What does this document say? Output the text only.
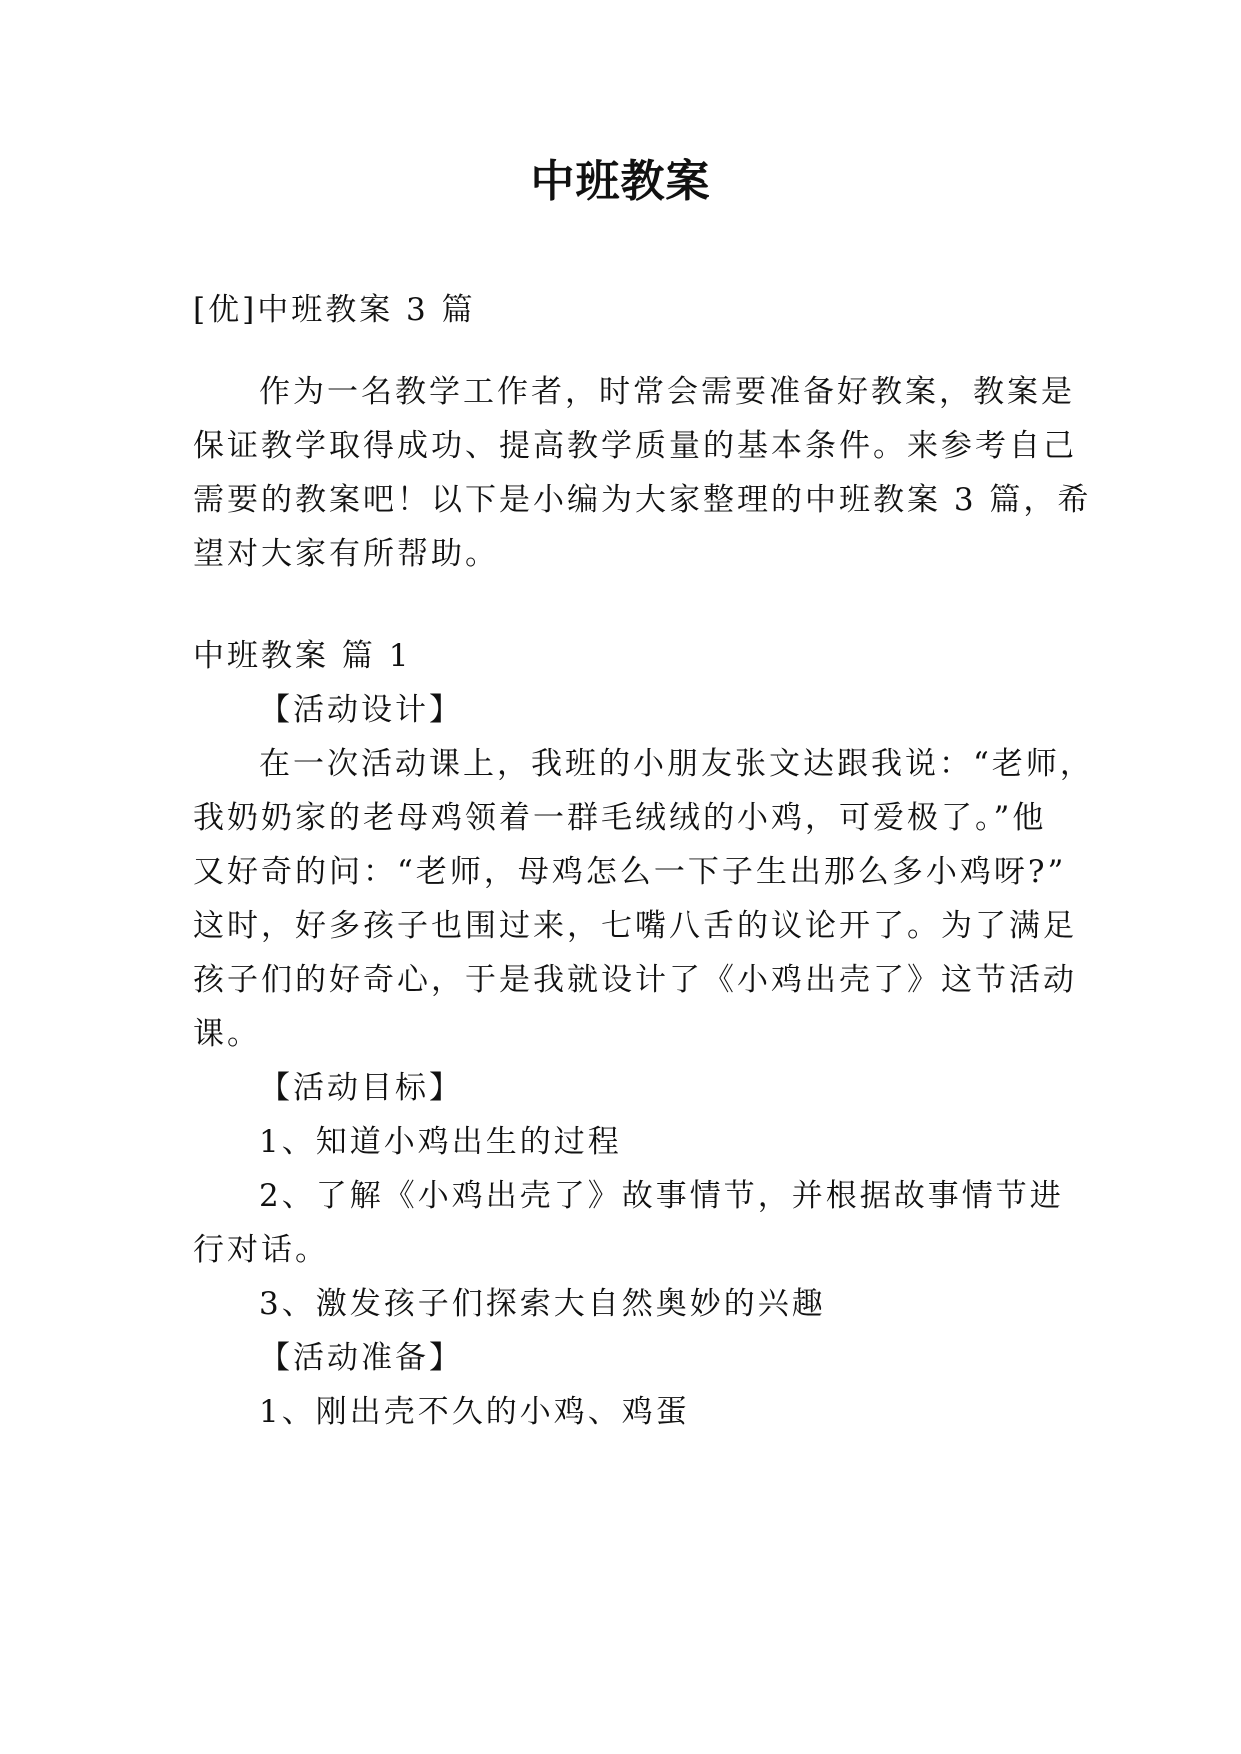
中班教案
[优]中班教案 3 篇
作为一名教学工作者，时常会需要准备好教案，教案是
保证教学取得成功、提高教学质量的基本条件。来参考自己
需要的教案吧！以下是小编为大家整理的中班教案 3 篇，希
望对大家有所帮助。
中班教案 篇 1
【活动设计】
在一次活动课上，我班的小朋友张文达跟我说：“老师，
我奶奶家的老母鸡领着一群毛绒绒的小鸡，可爱极了。”他
又好奇的问：“老师，母鸡怎么一下子生出那么多小鸡呀?”
这时，好多孩子也围过来，七嘴八舌的议论开了。为了满足
孩子们的好奇心，于是我就设计了《小鸡出壳了》这节活动
课。
【活动目标】
1、知道小鸡出生的过程
2、了解《小鸡出壳了》故事情节，并根据故事情节进
行对话。
3、激发孩子们探索大自然奥妙的兴趣
【活动准备】
1、刚出壳不久的小鸡、鸡蛋
